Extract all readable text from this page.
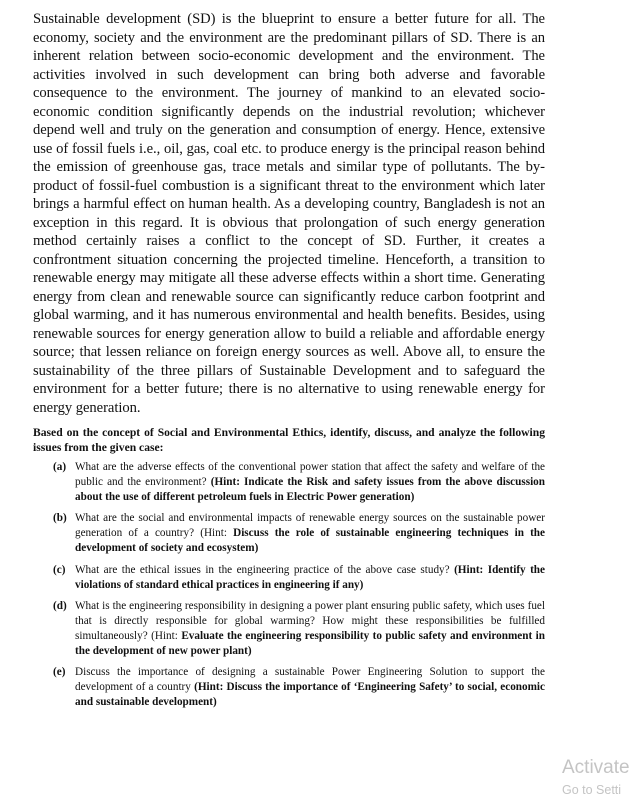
Sustainable development (SD) is the blueprint to ensure a better future for all. The economy, society and the environment are the predominant pillars of SD. There is an inherent relation between socio-economic development and the environment. The activities involved in such development can bring both adverse and favorable consequence to the environment. The journey of mankind to an elevated socio-economic condition significantly depends on the industrial revolution; whichever depend well and truly on the generation and consumption of energy. Hence, extensive use of fossil fuels i.e., oil, gas, coal etc. to produce energy is the principal reason behind the emission of greenhouse gas, trace metals and similar type of pollutants. The by-product of fossil-fuel combustion is a significant threat to the environment which later brings a harmful effect on human health. As a developing country, Bangladesh is not an exception in this regard. It is obvious that prolongation of such energy generation method certainly raises a conflict to the concept of SD. Further, it creates a confrontment situation concerning the projected timeline. Henceforth, a transition to renewable energy may mitigate all these adverse effects within a short time. Generating energy from clean and renewable source can significantly reduce carbon footprint and global warming, and it has numerous environmental and health benefits. Besides, using renewable sources for energy generation allow to build a reliable and affordable energy source; that lessen reliance on foreign energy sources as well. Above all, to ensure the sustainability of the three pillars of Sustainable Development and to safeguard the environment for a better future; there is no alternative to using renewable energy for energy generation.

Based on the concept of Social and Environmental Ethics, identify, discuss, and analyze the following issues from the given case:

(a) What are the adverse effects of the conventional power station that affect the safety and welfare of the public and the environment? (Hint: Indicate the Risk and safety issues from the above discussion about the use of different petroleum fuels in Electric Power generation)
(b) What are the social and environmental impacts of renewable energy sources on the sustainable power generation of a country? (Hint: Discuss the role of sustainable engineering techniques in the development of society and ecosystem)
(c) What are the ethical issues in the engineering practice of the above case study? (Hint: Identify the violations of standard ethical practices in engineering if any)
(d) What is the engineering responsibility in designing a power plant ensuring public safety, which uses fuel that is directly responsible for global warming? How might these responsibilities be fulfilled simultaneously? (Hint: Evaluate the engineering responsibility to public safety and environment in the development of new power plant)
(e) Discuss the importance of designing a sustainable Power Engineering Solution to support the development of a country (Hint: Discuss the importance of ‘Engineering Safety’ to social, economic and sustainable development)
Activate
Go to Setti
